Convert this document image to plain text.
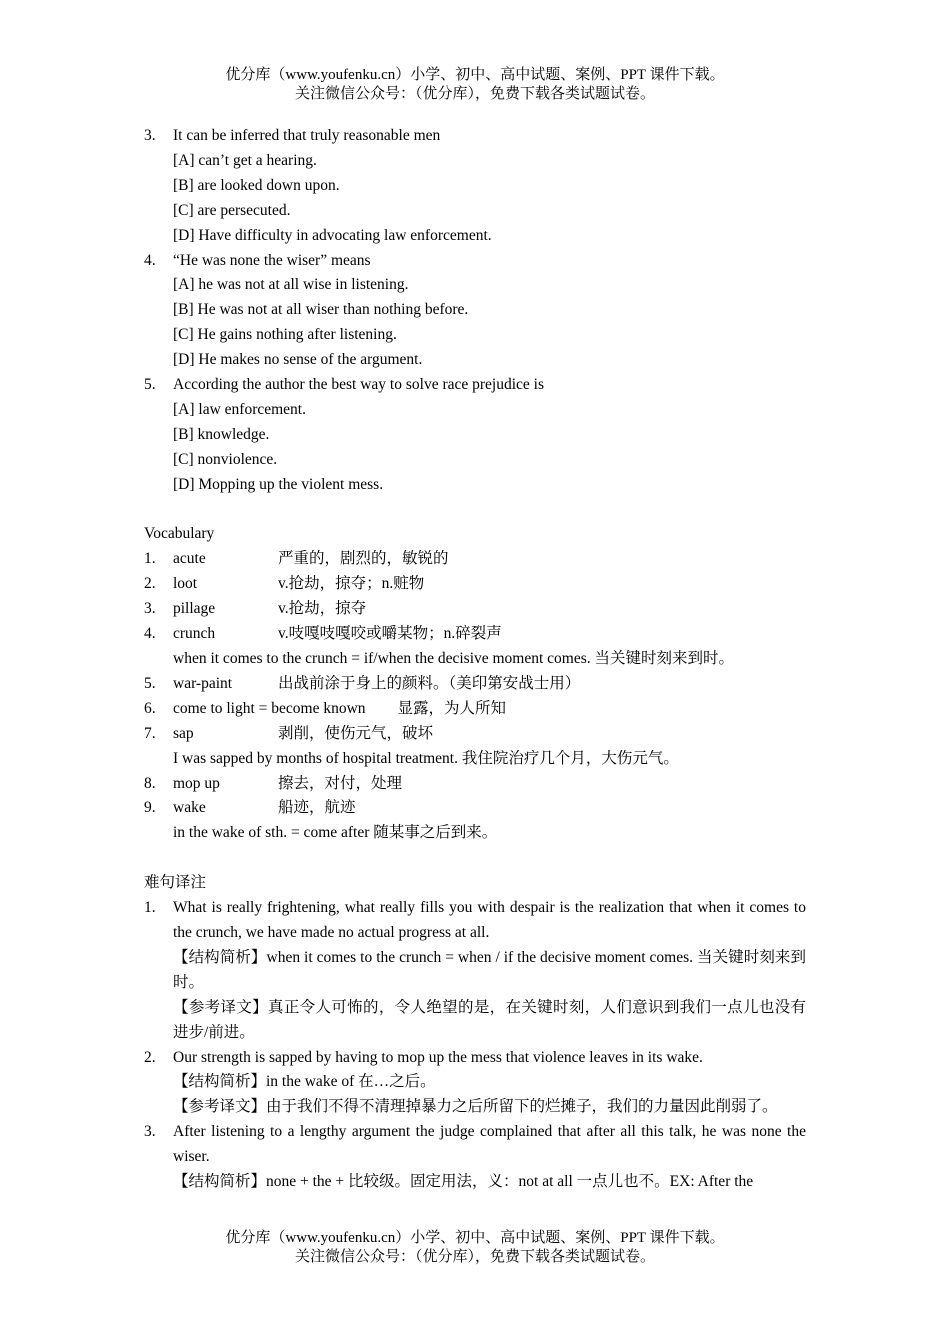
优分库（www.youfenku.cn）小学、初中、高中试题、案例、PPT 课件下载。
关注微信公众号：（优分库），免费下载各类试题试卷。
3. It can be inferred that truly reasonable men
[A] can’t get a hearing.
[B] are looked down upon.
[C] are persecuted.
[D] Have difficulty in advocating law enforcement.
4. “He was none the wiser” means
[A] he was not at all wise in listening.
[B] He was not at all wiser than nothing before.
[C] He gains nothing after listening.
[D] He makes no sense of the argument.
5. According the author the best way to solve race prejudice is
[A] law enforcement.
[B] knowledge.
[C] nonviolence.
[D] Mopping up the violent mess.
Vocabulary
1. acute	严重的，剧烈的，敏锐的
2. loot	v.抢劫，掠夺；n.赃物
3. pillage	v.抢劫，掠夺
4. crunch	v.吱嘎吱嘎咬或嚼某物；n.碎裂声
when it comes to the crunch = if/when the decisive moment comes. 当关键时刻来到时。
5. war-paint	出战前涂于身上的颜料。（美印第安战士用）
6. come to light = become known 显露，为人所知
7. sap	剥削，使伤元气，破坏
I was sapped by months of hospital treatment. 我住院治疗几个月，大伤元气。
8. mop up	擦去，对付，处理
9. wake	船迹，航迹
in the wake of sth. = come after 随某事之后到来。
难句译注
1. What is really frightening, what really fills you with despair is the realization that when it comes to the crunch, we have made no actual progress at all.
【结构简析】when it comes to the crunch = when / if the decisive moment comes. 当关键时刻来到时。
【参考译文】真正令人可怖的，令人绝望的是，在关键时刻，人们意识到我们一点儿也没有进步/前进。
2. Our strength is sapped by having to mop up the mess that violence leaves in its wake.
【结构简析】in the wake of 在…之后。
【参考译文】由于我们不得不清理掉暴力之后所留下的烂摊子，我们的力量因此削弱了。
3. After listening to a lengthy argument the judge complained that after all this talk, he was none the wiser.
【结构简析】none + the + 比较级。固定用法，义：not at all 一点儿也不。EX: After the
优分库（www.youfenku.cn）小学、初中、高中试题、案例、PPT 课件下载。
关注微信公众号：（优分库），免费下载各类试题试卷。
